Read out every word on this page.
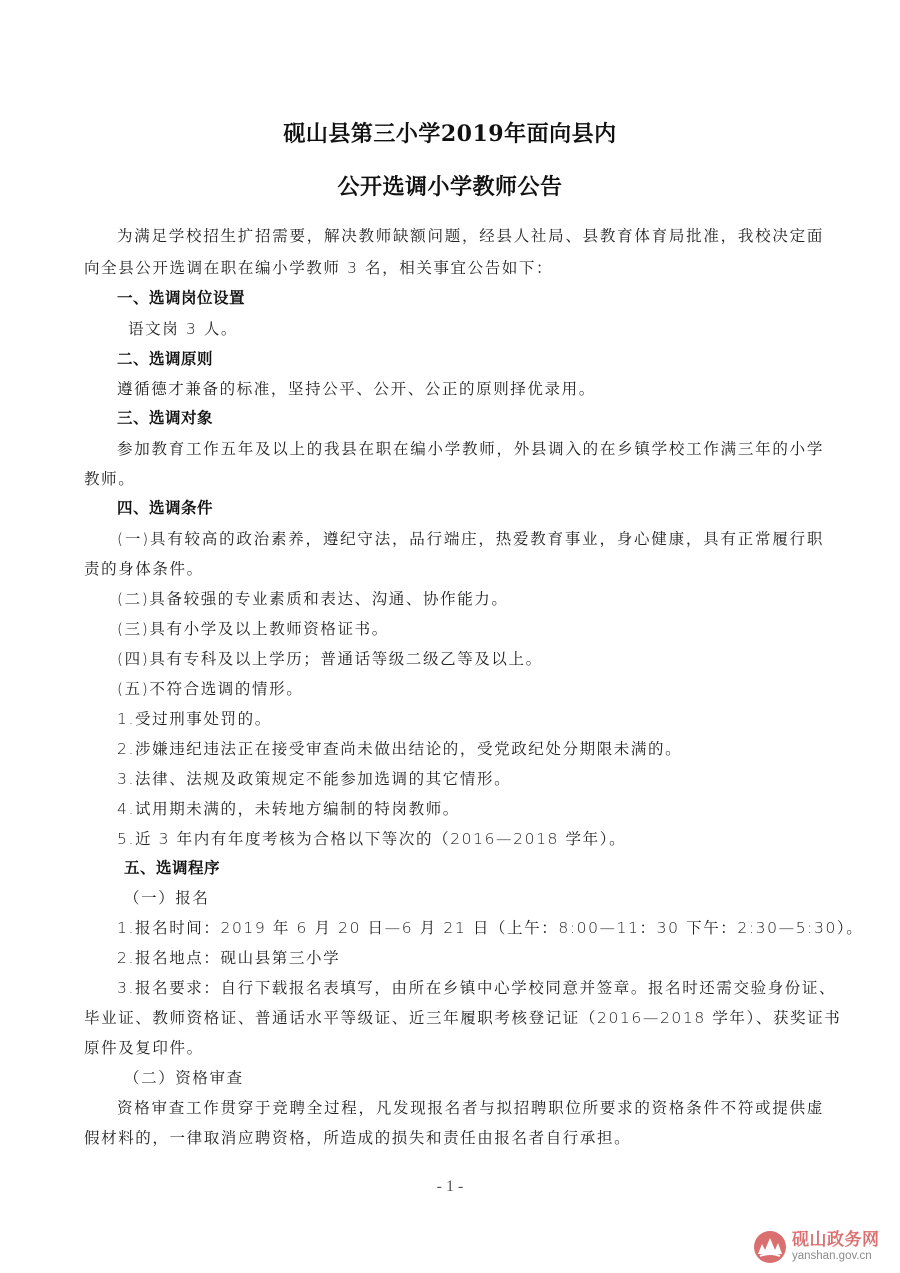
砚山县第三小学2019年面向县内
公开选调小学教师公告
为满足学校招生扩招需要，解决教师缺额问题，经县人社局、县教育体育局批准，我校决定面
向全县公开选调在职在编小学教师 3 名，相关事宜公告如下：
一、选调岗位设置
语文岗 3 人。
二、选调原则
遵循德才兼备的标准，坚持公平、公开、公正的原则择优录用。
三、选调对象
参加教育工作五年及以上的我县在职在编小学教师，外县调入的在乡镇学校工作满三年的小学
教师。
四、选调条件
(一)具有较高的政治素养，遵纪守法，品行端庄，热爱教育事业，身心健康，具有正常履行职
责的身体条件。
(二)具备较强的专业素质和表达、沟通、协作能力。
(三)具有小学及以上教师资格证书。
(四)具有专科及以上学历；普通话等级二级乙等及以上。
(五)不符合选调的情形。
1.受过刑事处罚的。
2.涉嫌违纪违法正在接受审查尚未做出结论的，受党政纪处分期限未满的。
3.法律、法规及政策规定不能参加选调的其它情形。
4.试用期未满的，未转地方编制的特岗教师。
5.近 3 年内有年度考核为合格以下等次的（2016—2018 学年）。
五、选调程序
（一）报名
1.报名时间：2019 年 6 月 20 日—6 月 21 日（上午：8:00—11：30 下午：2:30—5:30）。
2.报名地点：砚山县第三小学
3.报名要求：自行下载报名表填写，由所在乡镇中心学校同意并签章。报名时还需交验身份证、
毕业证、教师资格证、普通话水平等级证、近三年履职考核登记证（2016—2018 学年）、获奖证书
原件及复印件。
（二）资格审查
资格审查工作贯穿于竞聘全过程，凡发现报名者与拟招聘职位所要求的资格条件不符或提供虚
假材料的，一律取消应聘资格，所造成的损失和责任由报名者自行承担。
- 1 -
砚山政务网
yanshan.gov.cn
